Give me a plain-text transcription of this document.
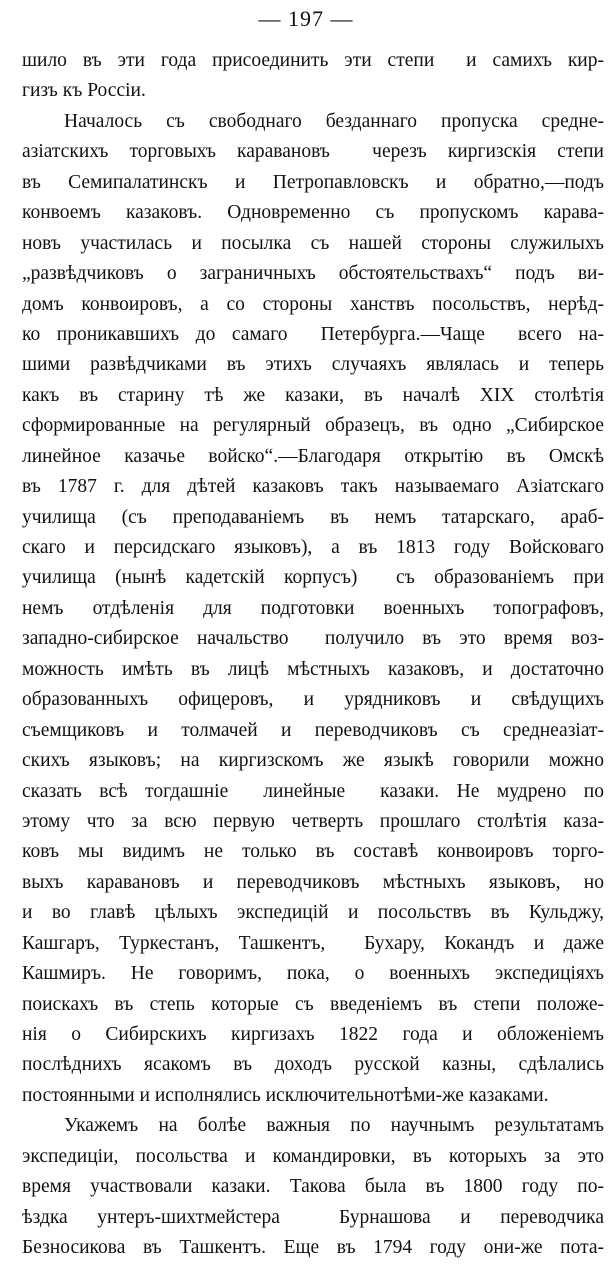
— 197 —
шило въ эти года присоединить эти степи  и самихъ кир-
гизъ къ Россіи.
Началось съ свободнаго безданнаго пропуска средне-
азіатскихъ торговыхъ каравановъ  черезъ киргизскія степи
въ Семипалатинскъ и Петропавловскъ и обратно,—подъ
конвоемъ казаковъ. Одновременно съ пропускомъ карава-
новъ участилась и посылка съ нашей стороны служилыхъ
„развѣдчиковъ о заграничныхъ обстоятельствахъ“ подъ ви-
домъ конвоировъ, а со стороны ханствъ посольствъ, нерѣд-
ко проникавшихъ до самаго  Петербурга.—Чаще  всего на-
шими развѣдчиками въ этихъ случаяхъ являлась и теперь
какъ въ старину тѣ же казаки, въ началѣ XIX столѣтія
сформированные на регулярный образецъ, въ одно „Сибирское
линейное казачье войско“.—Благодаря открытію въ Омскѣ
въ 1787 г. для дѣтей казаковъ такъ называемаго Азіатскаго
училища (съ преподаваніемъ въ немъ татарскаго, араб-
скаго и персидскаго языковъ), а въ 1813 году Войсковаго
училища (нынѣ кадетскій корпусъ)  съ образованіемъ при
немъ отдѣленія для подготовки военныхъ топографовъ,
западно-сибирское начальство  получило въ это время воз-
можность имѣть въ лицѣ мѣстныхъ казаковъ, и достаточно
образованныхъ офицеровъ, и урядниковъ и свѣдущихъ
съемщиковъ и толмачей и переводчиковъ съ среднеазіат-
скихъ языковъ; на киргизскомъ же языкѣ говорили можно
сказать всѣ тогдашніе  линейные  казаки. Не мудрено по
этому что за всю первую четверть прошлаго столѣтія каза-
ковъ мы видимъ не только въ составѣ конвоировъ торго-
выхъ каравановъ и переводчиковъ мѣстныхъ языковъ, но
и во главѣ цѣлыхъ экспедицій и посольствъ въ Кульджу,
Кашгаръ, Туркестанъ, Ташкентъ,  Бухару, Кокандъ и даже
Кашмиръ. Не говоримъ, пока, о военныхъ экспедиціяхъ
поискахъ въ степь которые съ введеніемъ въ степи положе-
нія о Сибирскихъ киргизахъ 1822 года и обложеніемъ
послѣднихъ ясакомъ въ доходъ русской казны, сдѣлались
постоянными и исполнялись исключительнотѣми-же казаками.
Укажемъ на болѣе важныя по научнымъ результатамъ
экспедиціи, посольства и командировки, въ которыхъ за это
время участвовали казаки. Такова была въ 1800 году по-
ѣздка унтеръ-шихтмейстера  Бурнашова и переводчика
Безносикова въ Ташкентъ. Еще въ 1794 году они-же пота-
